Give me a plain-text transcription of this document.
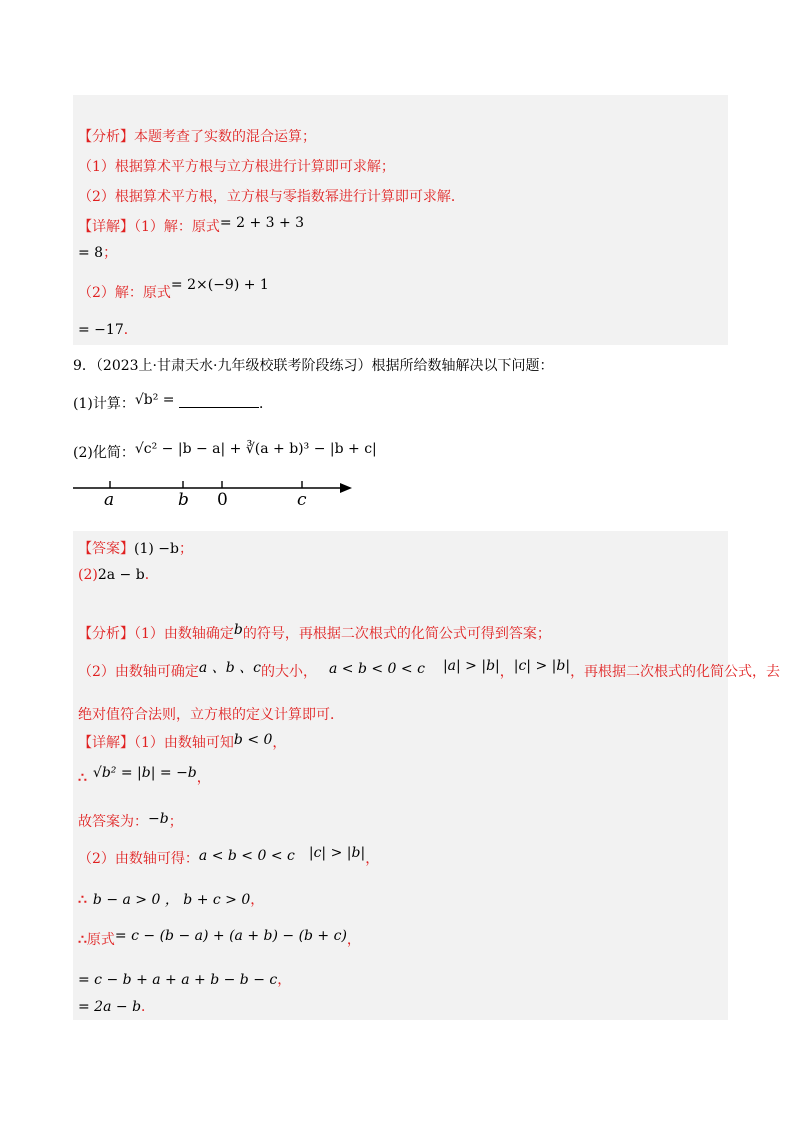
【分析】本题考查了实数的混合运算；
（1）根据算术平方根与立方根进行计算即可求解；
（2）根据算术平方根，立方根与零指数幂进行计算即可求解．
【详解】（1）解：原式= 2 + 3 + 3
= 8；
（2）解：原式= 2×(−9) + 1
= −17．
9．（2023上·甘肃天水·九年级校联考阶段练习）根据所给数轴解决以下问题：
(1)计算：√b² =	．
(2)化简：√c² − |b − a| + ∛(a + b)³ − |b + c|
a	b 0	c
【答案】(1) −b；
(2)2a − b．
【分析】（1）由数轴确定b的符号，再根据二次根式的化简公式可得到答案；
（2）由数轴可确定a 、b 、c的大小， a < b < 0 < c |a| > |b|，|c| > |b|，再根据二次根式的化简公式，去
绝对值符合法则，立方根的定义计算即可．
【详解】（1）由数轴可知b < 0，
∴ √b² = |b| = −b，
故答案为：−b；
（2）由数轴可得：a < b < 0 < c |c| > |b|，
∴ b − a > 0 ， b + c > 0，
∴原式= c − (b − a) + (a + b) − (b + c)，
= c − b + a + a + b − b − c，
= 2a − b．
